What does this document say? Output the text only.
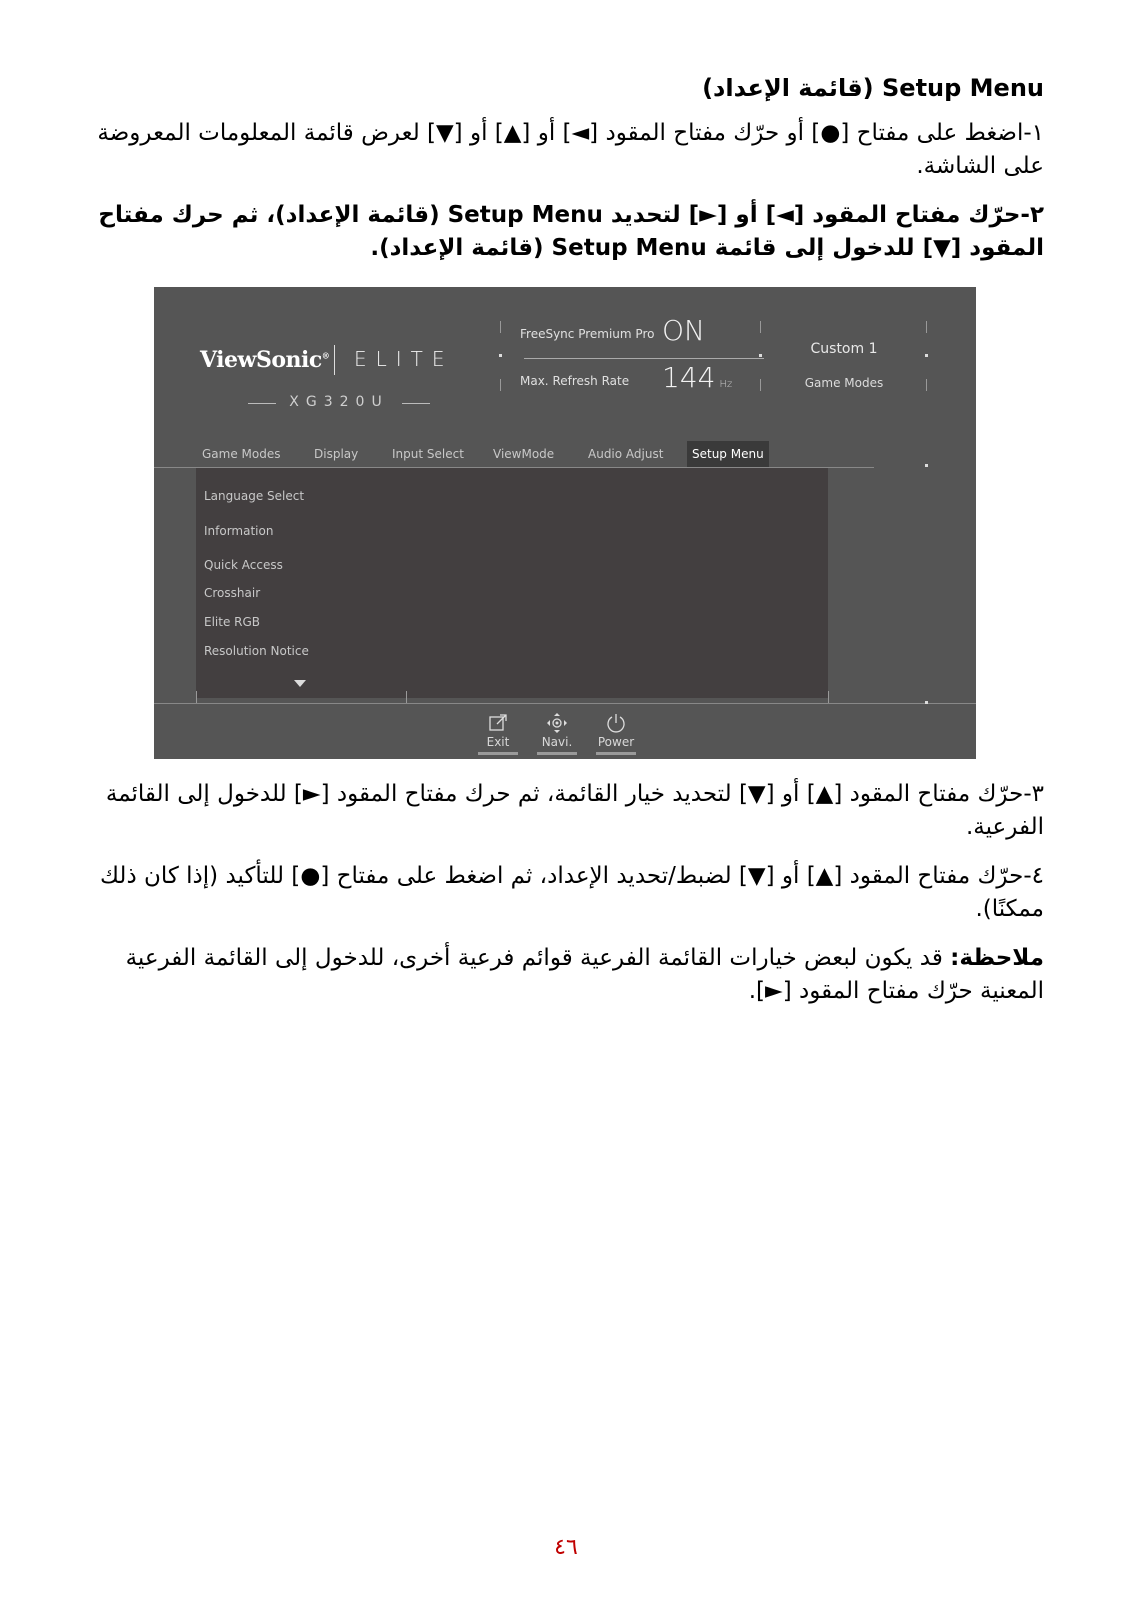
Setup Menu (قائمة الإعداد)
١-اضغط على مفتاح [●] أو حرّك مفتاح المقود [◄] أو [▲] أو [▼] لعرض قائمة المعلومات المعروضة على الشاشة.
٢-حرّك مفتاح المقود [◄] أو [►] لتحديد Setup Menu (قائمة الإعداد)، ثم حرك مفتاح المقود [▼] للدخول إلى قائمة Setup Menu (قائمة الإعداد).
ViewSonic® ELITE
XG320U
FreeSync Premium Pro ON
Max. Refresh Rate 144 Hz
Custom 1
Game Modes
Game Modes	Display	Input Select ViewMode	Audio Adjust	Setup Menu
Language Select
Information
Quick Access
Crosshair
Elite RGB
Resolution Notice
Exit	Navi.	Power
٣-حرّك مفتاح المقود [▲] أو [▼] لتحديد خيار القائمة، ثم حرك مفتاح المقود [►] للدخول إلى القائمة الفرعية.
٤-حرّك مفتاح المقود [▲] أو [▼] لضبط/تحديد الإعداد، ثم اضغط على مفتاح [●] للتأكيد (إذا كان ذلك ممكنًا).
ملاحظة: قد يكون لبعض خيارات القائمة الفرعية قوائم فرعية أخرى، للدخول إلى القائمة الفرعية المعنية حرّك مفتاح المقود [►].
٤٦
